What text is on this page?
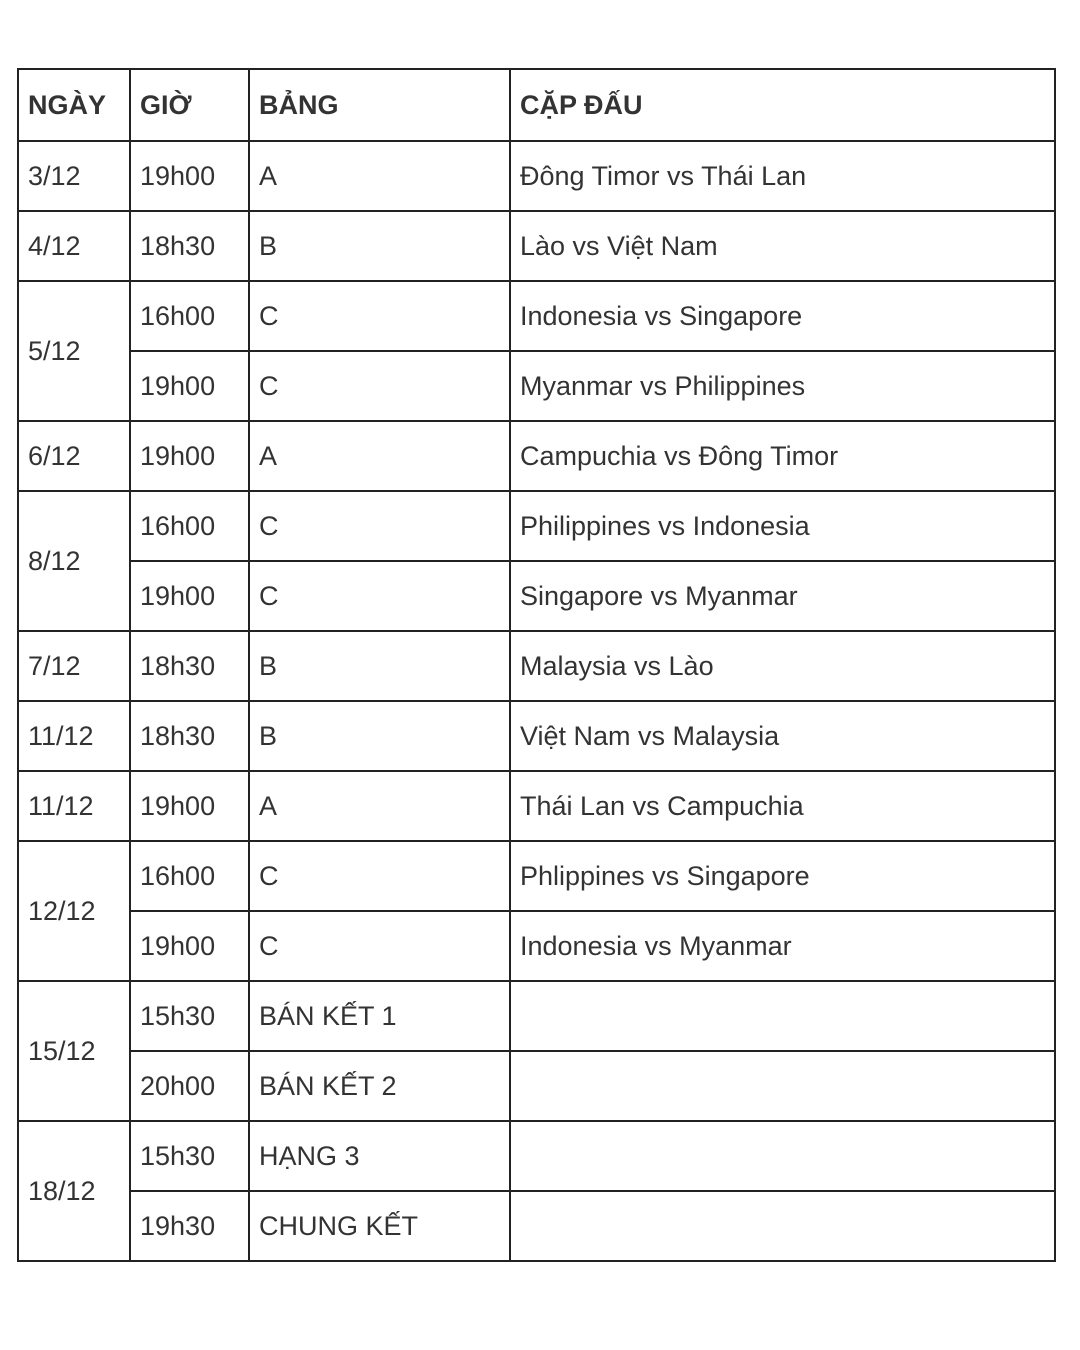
NGÀY	GIỜ	BẢNG	CẶP ĐẤU
3/12	19h00	A	Đông Timor vs Thái Lan
4/12	18h30	B	Lào vs Việt Nam
5/12	16h00	C	Indonesia vs Singapore
	19h00	C	Myanmar vs Philippines
6/12	19h00	A	Campuchia vs Đông Timor
8/12	16h00	C	Philippines vs Indonesia
	19h00	C	Singapore vs Myanmar
7/12	18h30	B	Malaysia vs Lào
11/12	18h30	B	Việt Nam vs Malaysia
11/12	19h00	A	Thái Lan vs Campuchia
12/12	16h00	C	Phlippines vs Singapore
	19h00	C	Indonesia vs Myanmar
15/12	15h30	BÁN KẾT 1	
	20h00	BÁN KẾT 2	
18/12	15h30	HẠNG 3	
	19h30	CHUNG KẾT	
